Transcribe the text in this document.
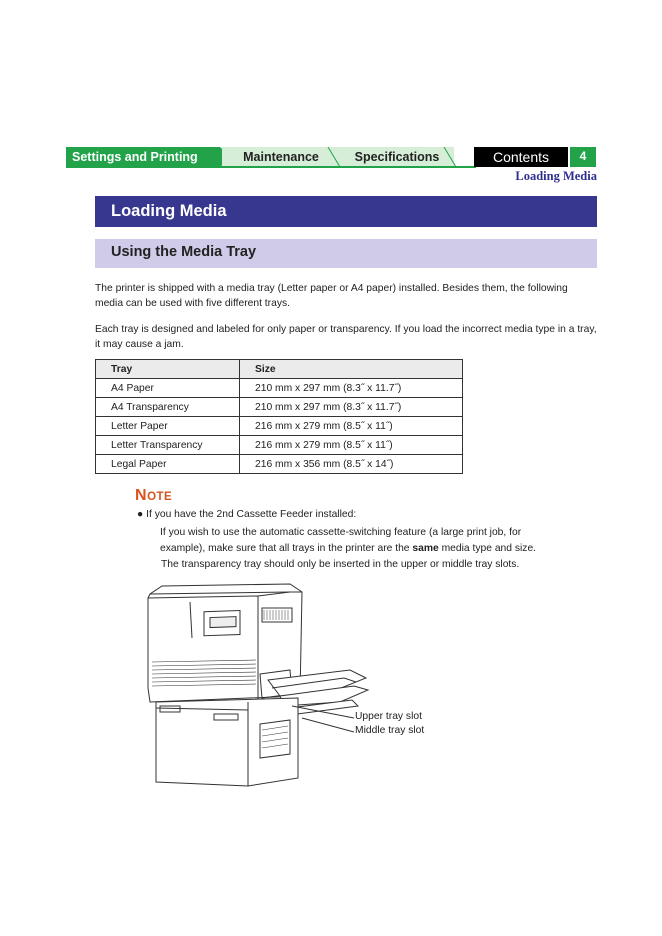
Settings and Printing	Maintenance	Specifications	Contents	4
Loading Media
Loading Media
Using the Media Tray

The printer is shipped with a media tray (Letter paper or A4 paper) installed. Besides them, the following media can be used with five different trays.

Each tray is designed and labeled for only paper or transparency. If you load the incorrect media type in a tray, it may cause a jam.

Tray	Size
A4 Paper	210 mm x 297 mm (8.3˝ x 11.7˝)
A4 Transparency	210 mm x 297 mm (8.3˝ x 11.7˝)
Letter Paper	216 mm x 279 mm (8.5˝ x 11˝)
Letter Transparency	216 mm x 279 mm (8.5˝ x 11˝)
Legal Paper	216 mm x 356 mm (8.5˝ x 14˝)
NOTE
● If you have the 2nd Cassette Feeder installed:

If you wish to use the automatic cassette-switching feature (a large print job, for

example), make sure that all trays in the printer are the same media type and size.

The transparency tray should only be inserted in the upper or middle tray slots.

Upper tray slot
Middle tray slot
